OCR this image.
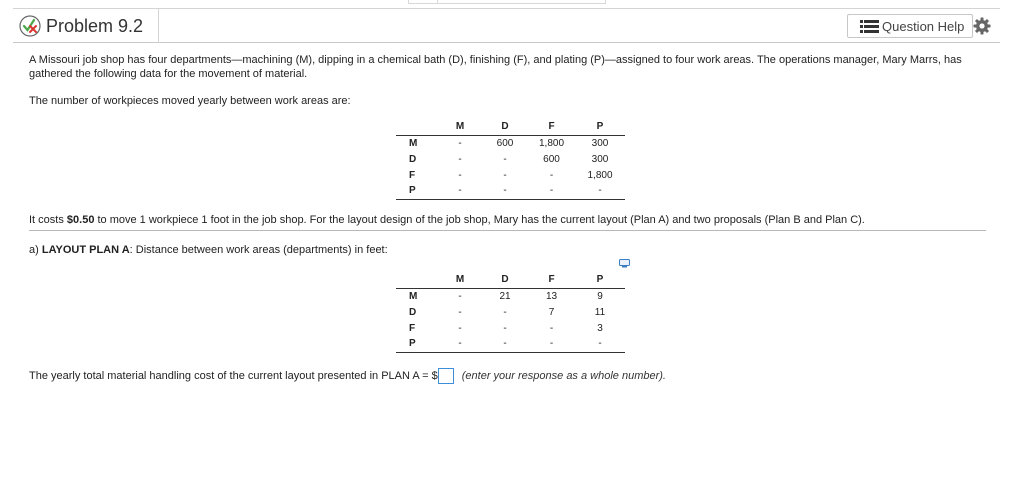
Problem 9.2	Question Help

A Missouri job shop has four departments—machining (M), dipping in a chemical bath (D), finishing (F), and plating (P)—assigned to four work areas. The operations manager, Mary Marrs, has gathered the following data for the movement of material.

The number of workpieces moved yearly between work areas are:

	M	D	F	P
M	-	600	1,800	300
D	-	-	600	300
F	-	-	-	1,800
P	-	-	-	-

It costs $0.50 to move 1 workpiece 1 foot in the job shop. For the layout design of the job shop, Mary has the current layout (Plan A) and two proposals (Plan B and Plan C).

a) LAYOUT PLAN A: Distance between work areas (departments) in feet:

	M	D	F	P
M	-	21	13	9
D	-	-	7	11
F	-	-	-	3
P	-	-	-	-

The yearly total material handling cost of the current layout presented in PLAN A = $ (enter your response as a whole number).
